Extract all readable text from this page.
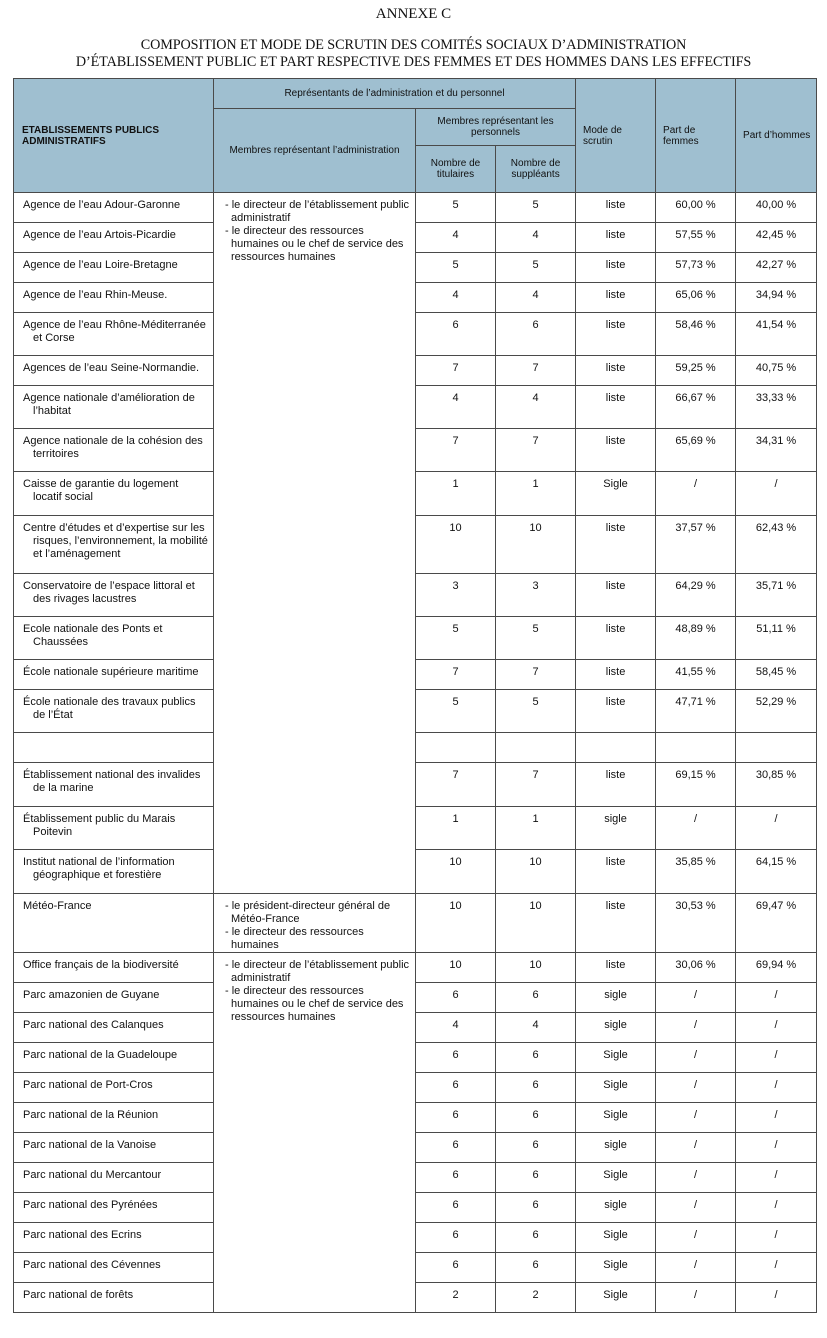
ANNEXE C
COMPOSITION ET MODE DE SCRUTIN DES COMITÉS SOCIAUX D’ADMINISTRATION
D’ÉTABLISSEMENT PUBLIC ET PART RESPECTIVE DES FEMMES ET DES HOMMES DANS LES EFFECTIFS
ETABLISSEMENTS PUBLICS ADMINISTRATIFS	Représentants de l’administration et du personnel			Mode de scrutin	Part de femmes	Part d’hommes
	Membres représentant l’administration	Membres représentant les personnels				
		Nombre de titulaires	Nombre de suppléants			

Agence de l’eau Adour-Garonne	- le directeur de l’établissement public administratif
- le directeur des ressources humaines ou le chef de service des ressources humaines	5	5	liste	60,00 %	40,00 %

Agence de l’eau Artois-Picardie		4	4	liste	57,55 %	42,45 %

Agence de l’eau Loire-Bretagne		5	5	liste	57,73 %	42,27 %

Agence de l’eau Rhin-Meuse.		4	4	liste	65,06 %	34,94 %

Agence de l’eau Rhône-Méditerranée et Corse		6	6	liste	58,46 %	41,54 %

Agences de l’eau Seine-Normandie.		7	7	liste	59,25 %	40,75 %

Agence nationale d’amélioration de l’habitat		4	4	liste	66,67 %	33,33 %

Agence nationale de la cohésion des territoires		7	7	liste	65,69 %	34,31 %

Caisse de garantie du logement locatif social		1	1	Sigle	/	/

Centre d’études et d’expertise sur les risques, l’environnement, la mobilité et l’aménagement		10	10	liste	37,57 %	62,43 %

Conservatoire de l’espace littoral et des rivages lacustres		3	3	liste	64,29 %	35,71 %

Ecole nationale des Ponts et Chaussées		5	5	liste	48,89 %	51,11 %

École nationale supérieure maritime		7	7	liste	41,55 %	58,45 %

École nationale des travaux publics de l’État		5	5	liste	47,71 %	52,29 %

Établissement national des invalides de la marine		7	7	liste	69,15 %	30,85 %

Établissement public du Marais Poitevin		1	1	sigle	/	/

Institut national de l’information géographique et forestière		10	10	liste	35,85 %	64,15 %

Météo-France	- le président-directeur général de Météo-France
- le directeur des ressources humaines	10	10	liste	30,53 %	69,47 %

Office français de la biodiversité	- le directeur de l’établissement public administratif
- le directeur des ressources humaines ou le chef de service des ressources humaines	10	10	liste	30,06 %	69,94 %

Parc amazonien de Guyane		6	6	sigle	/	/

Parc national des Calanques		4	4	sigle	/	/

Parc national de la Guadeloupe		6	6	Sigle	/	/

Parc national de Port-Cros		6	6	Sigle	/	/

Parc national de la Réunion		6	6	Sigle	/	/

Parc national de la Vanoise		6	6	sigle	/	/

Parc national du Mercantour		6	6	Sigle	/	/

Parc national des Pyrénées		6	6	sigle	/	/

Parc national des Ecrins		6	6	Sigle	/	/

Parc national des Cévennes		6	6	Sigle	/	/

Parc national de forêts		2	2	Sigle	/	/
